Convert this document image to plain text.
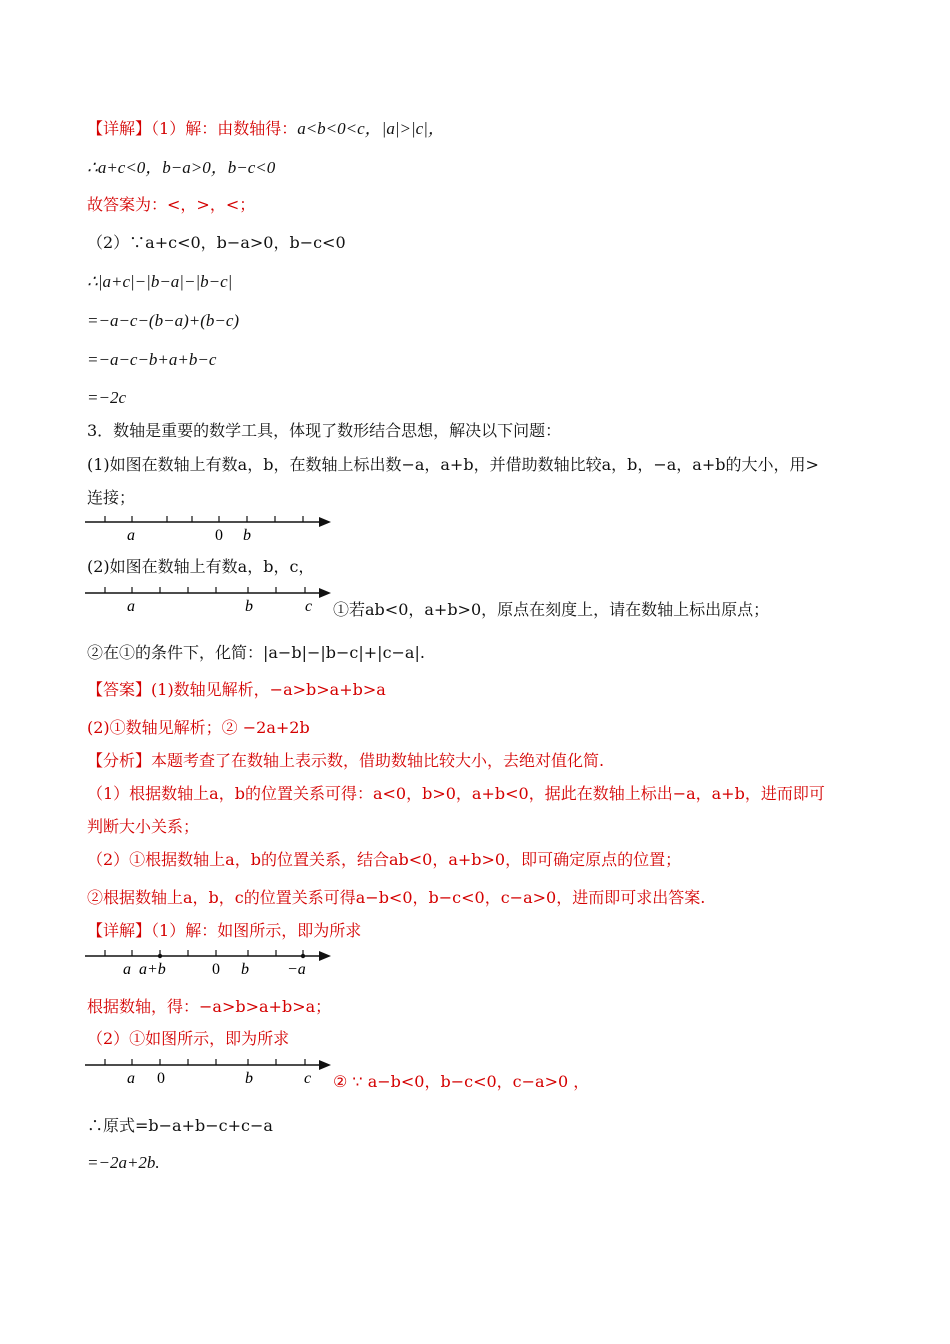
【详解】（1）解：由数轴得：a<b<0<c，|a|>|c|，
∴a+c<0，b−a>0，b−c<0
故答案为：<，>，<；
（2）∵a+c<0，b−a>0，b−c<0
∴|a+c|−|b−a|−|b−c|
=−a−c−(b−a)+(b−c)
=−a−c−b+a+b−c
=−2c
3．数轴是重要的数学工具，体现了数形结合思想，解决以下问题：
(1)如图在数轴上有数a，b，在数轴上标出数−a，a+b，并借助数轴比较a，b，−a，a+b的大小，用>
连接；
a	0 b
(2)如图在数轴上有数a，b，c，
a	b	c ①若ab<0，a+b>0，原点在刻度上，请在数轴上标出原点；
②在①的条件下，化简：|a−b|−|b−c|+|c−a|.
【答案】(1)数轴见解析，−a>b>a+b>a
(2)①数轴见解析；② −2a+2b
【分析】本题考查了在数轴上表示数，借助数轴比较大小，去绝对值化简.
（1）根据数轴上a，b的位置关系可得：a<0，b>0，a+b<0，据此在数轴上标出−a，a+b，进而即可
判断大小关系；
（2）①根据数轴上a，b的位置关系，结合ab<0，a+b>0，即可确定原点的位置；
②根据数轴上a，b，c的位置关系可得a−b<0，b−c<0，c−a>0，进而即可求出答案.
【详解】（1）解：如图所示，即为所求
a a+b	0 b −a
根据数轴，得：−a>b>a+b>a；
（2）①如图所示，即为所求
a 0	b	c ② ∵ a−b<0，b−c<0，c−a>0 ，
∴原式=b−a+b−c+c−a
=−2a+2b.
